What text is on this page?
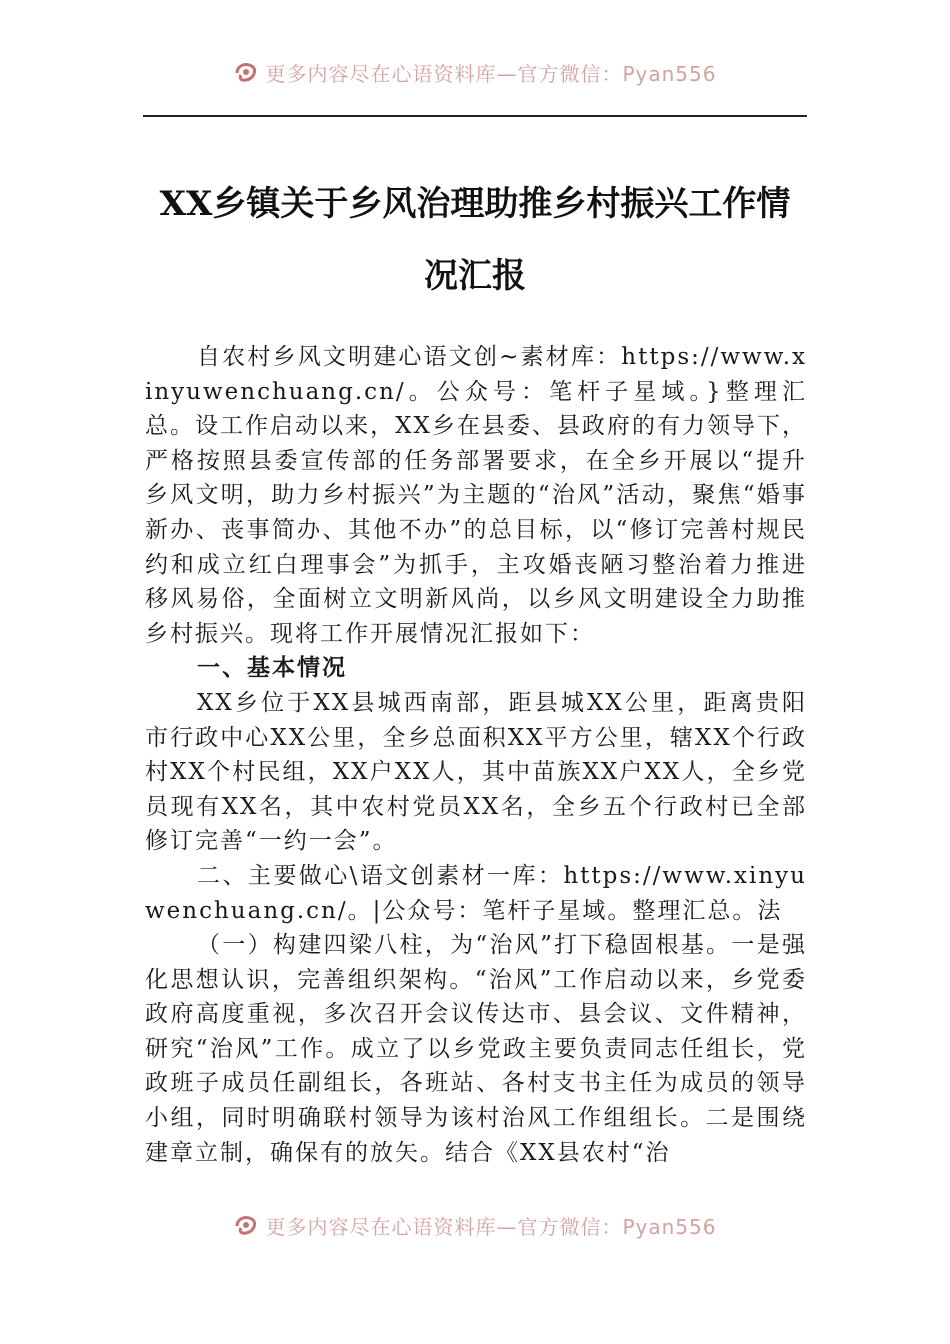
更多内容尽在心语资料库—官方微信：Pyan556
XX乡镇关于乡风治理助推乡村振兴工作情
况汇报

自农村乡风文明建心语文创~素材库：https://www.xinyuwenchuang.cn/。公众号：笔杆子星域。}整理汇总。设工作启动以来，XX乡在县委、县政府的有力领导下，严格按照县委宣传部的任务部署要求，在全乡开展以“提升乡风文明，助力乡村振兴”为主题的“治风”活动，聚焦“婚事新办、丧事简办、其他不办”的总目标，以“修订完善村规民约和成立红白理事会”为抓手，主攻婚丧陋习整治着力推进移风易俗，全面树立文明新风尚，以乡风文明建设全力助推乡村振兴。现将工作开展情况汇报如下：

一、基本情况

XX乡位于XX县城西南部，距县城XX公里，距离贵阳市行政中心XX公里，全乡总面积XX平方公里，辖XX个行政村XX个村民组，XX户XX人，其中苗族XX户XX人，全乡党员现有XX名，其中农村党员XX名，全乡五个行政村已全部修订完善“一约一会”。

二、主要做心\语文创素材一库：https://www.xinyuwenchuang.cn/。|公众号：笔杆子星域。整理汇总。法

（一）构建四梁八柱，为“治风”打下稳固根基。一是强化思想认识，完善组织架构。“治风”工作启动以来，乡党委政府高度重视，多次召开会议传达市、县会议、文件精神，研究“治风”工作。成立了以乡党政主要负责同志任组长，党政班子成员任副组长，各班站、各村支书主任为成员的领导小组，同时明确联村领导为该村治风工作组组长。二是围绕建章立制，确保有的放矢。结合《XX县农村“治

更多内容尽在心语资料库—官方微信：Pyan556
